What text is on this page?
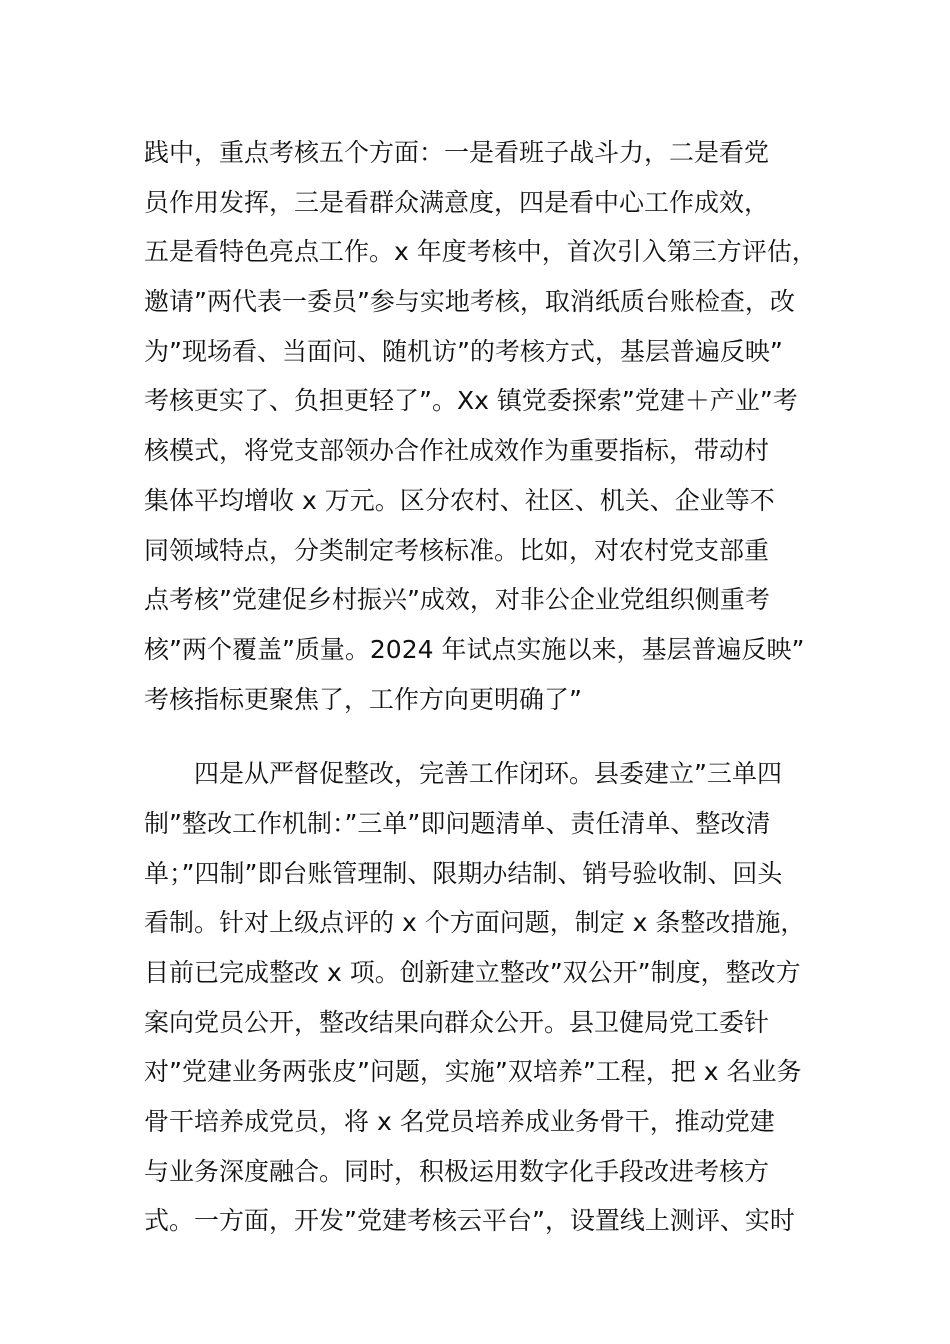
践中，重点考核五个方面：一是看班子战斗力，二是看党
员作用发挥，三是看群众满意度，四是看中心工作成效，
五是看特色亮点工作。x 年度考核中，首次引入第三方评估，
邀请”两代表一委员”参与实地考核，取消纸质台账检查，改
为”现场看、当面问、随机访”的考核方式，基层普遍反映”
考核更实了、负担更轻了”。Xx 镇党委探索”党建＋产业”考
核模式，将党支部领办合作社成效作为重要指标，带动村
集体平均增收 x 万元。区分农村、社区、机关、企业等不
同领域特点，分类制定考核标准。比如，对农村党支部重
点考核”党建促乡村振兴”成效，对非公企业党组织侧重考
核”两个覆盖”质量。2024 年试点实施以来，基层普遍反映”
考核指标更聚焦了，工作方向更明确了”
　　四是从严督促整改，完善工作闭环。县委建立”三单四
制”整改工作机制：”三单”即问题清单、责任清单、整改清
单；”四制”即台账管理制、限期办结制、销号验收制、回头
看制。针对上级点评的 x 个方面问题，制定 x 条整改措施，
目前已完成整改 x 项。创新建立整改”双公开”制度，整改方
案向党员公开，整改结果向群众公开。县卫健局党工委针
对”党建业务两张皮”问题，实施”双培养”工程，把 x 名业务
骨干培养成党员，将 x 名党员培养成业务骨干，推动党建
与业务深度融合。同时，积极运用数字化手段改进考核方
式。一方面，开发”党建考核云平台”，设置线上测评、实时
